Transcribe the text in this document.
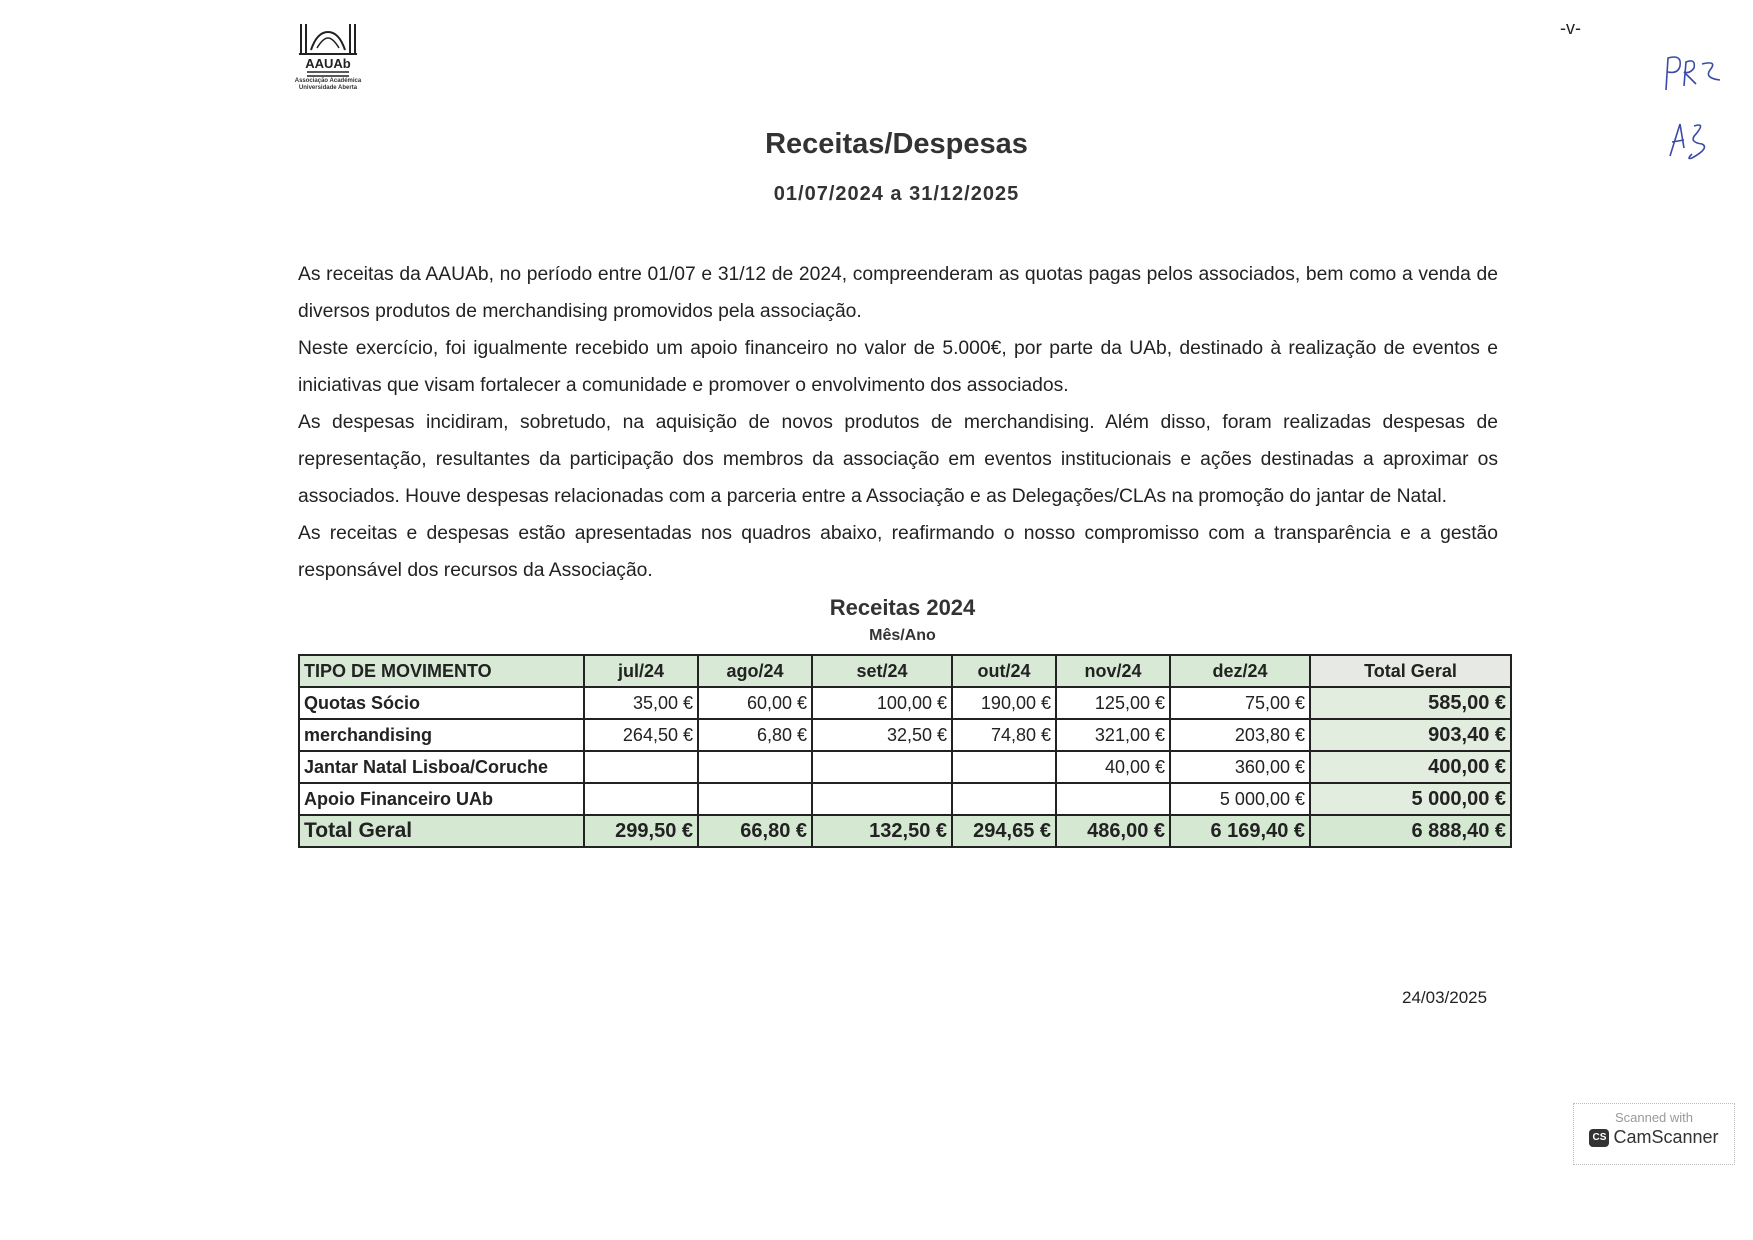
AAUAb
Associação Académica
Universidade Aberta
-v-
Receitas/Despesas
01/07/2024 a 31/12/2025

As receitas da AAUAb, no período entre 01/07 e 31/12 de 2024, compreenderam as quotas pagas pelos associados, bem como a venda de diversos produtos de merchandising promovidos pela associação.

Neste exercício, foi igualmente recebido um apoio financeiro no valor de 5.000€, por parte da UAb, destinado à realização de eventos e iniciativas que visam fortalecer a comunidade e promover o envolvimento dos associados.

As despesas incidiram, sobretudo, na aquisição de novos produtos de merchandising. Além disso, foram realizadas despesas de representação, resultantes da participação dos membros da associação em eventos institucionais e ações destinadas a aproximar os associados. Houve despesas relacionadas com a parceria entre a Associação e as Delegações/CLAs na promoção do jantar de Natal.

As receitas e despesas estão apresentadas nos quadros abaixo, reafirmando o nosso compromisso com a transparência e a gestão responsável dos recursos da Associação.

Receitas 2024
Mês/Ano
TIPO DE MOVIMENTO	jul/24	ago/24	set/24	out/24	nov/24	dez/24	Total Geral
Quotas Sócio	35,00 €	60,00 €	100,00 €	190,00 €	125,00 €	75,00 €	585,00 €
merchandising	264,50 €	6,80 €	32,50 €	74,80 €	321,00 €	203,80 €	903,40 €
Jantar Natal Lisboa/Coruche					40,00 €	360,00 €	400,00 €
Apoio Financeiro UAb						5 000,00 €	5 000,00 €
Total Geral	299,50 €	66,80 €	132,50 €	294,65 €	486,00 €	6 169,40 €	6 888,40 €
24/03/2025
Scanned with
CS CamScanner
